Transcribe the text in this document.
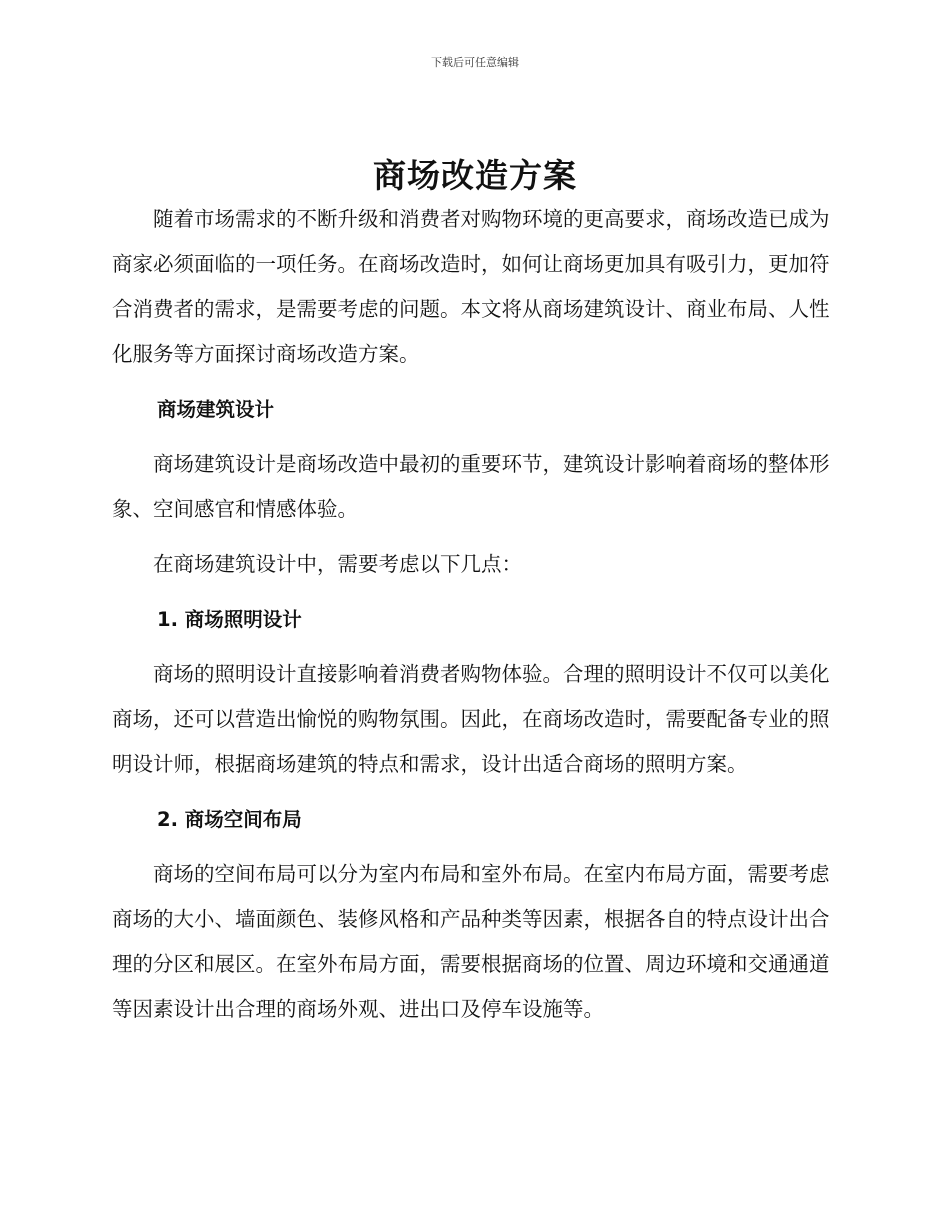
下载后可任意编辑
商场改造方案

随着市场需求的不断升级和消费者对购物环境的更高要求，商场改造已成为商家必须面临的一项任务。在商场改造时，如何让商场更加具有吸引力，更加符合消费者的需求，是需要考虑的问题。本文将从商场建筑设计、商业布局、人性化服务等方面探讨商场改造方案。

商场建筑设计

商场建筑设计是商场改造中最初的重要环节，建筑设计影响着商场的整体形象、空间感官和情感体验。

在商场建筑设计中，需要考虑以下几点：

1. 商场照明设计

商场的照明设计直接影响着消费者购物体验。合理的照明设计不仅可以美化商场，还可以营造出愉悦的购物氛围。因此，在商场改造时，需要配备专业的照明设计师，根据商场建筑的特点和需求，设计出适合商场的照明方案。

2. 商场空间布局

商场的空间布局可以分为室内布局和室外布局。在室内布局方面，需要考虑商场的大小、墙面颜色、装修风格和产品种类等因素，根据各自的特点设计出合理的分区和展区。在室外布局方面，需要根据商场的位置、周边环境和交通通道等因素设计出合理的商场外观、进出口及停车设施等。
